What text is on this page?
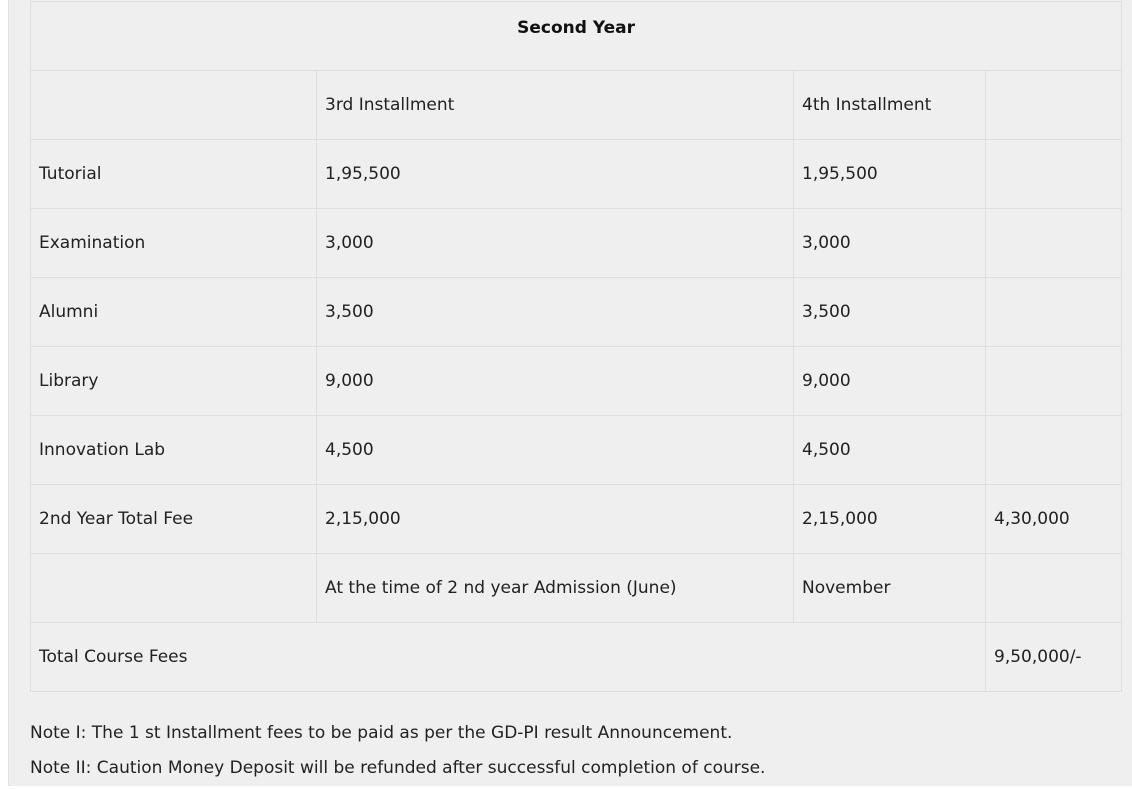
Second Year			
	3rd Installment	4th Installment	
Tutorial	1,95,500	1,95,500	
Examination	3,000	3,000	
Alumni	3,500	3,500	
Library	9,000	9,000	
Innovation Lab	4,500	4,500	
2nd Year Total Fee	2,15,000	2,15,000	4,30,000
	At the time of 2 nd year Admission (June)	November	
Total Course Fees			9,50,000/-

Note I: The 1 st Installment fees to be paid as per the GD-PI result Announcement.

Note II: Caution Money Deposit will be refunded after successful completion of course.
